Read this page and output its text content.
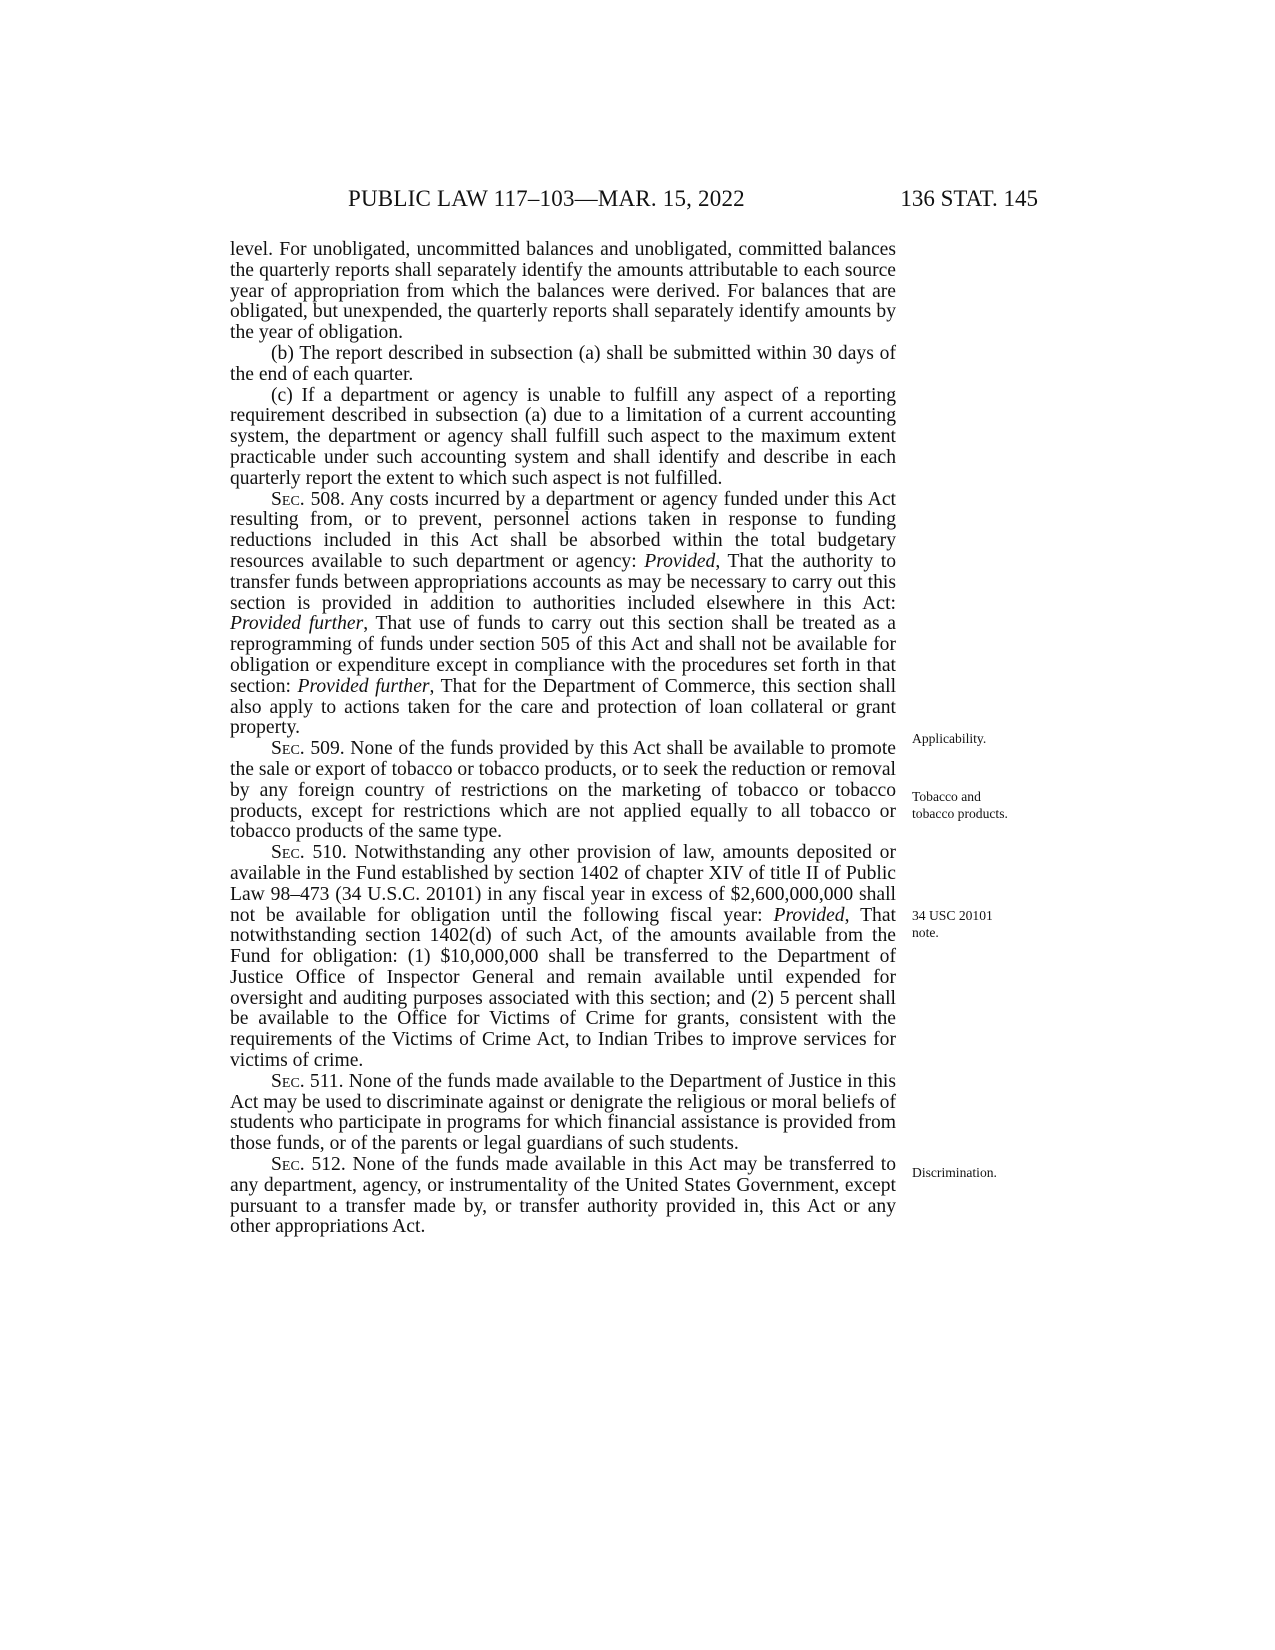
PUBLIC LAW 117–103—MAR. 15, 2022	136 STAT. 145

level. For unobligated, uncommitted balances and unobligated, committed balances the quarterly reports shall separately identify the amounts attributable to each source year of appropriation from which the balances were derived. For balances that are obligated, but unexpended, the quarterly reports shall separately identify amounts by the year of obligation.

(b) The report described in subsection (a) shall be submitted within 30 days of the end of each quarter.

(c) If a department or agency is unable to fulfill any aspect of a reporting requirement described in subsection (a) due to a limitation of a current accounting system, the department or agency shall fulfill such aspect to the maximum extent practicable under such accounting system and shall identify and describe in each quarterly report the extent to which such aspect is not fulfilled.

Sec. 508. Any costs incurred by a department or agency funded under this Act resulting from, or to prevent, personnel actions taken in response to funding reductions included in this Act shall be absorbed within the total budgetary resources available to such department or agency: Provided, That the authority to transfer funds between appropriations accounts as may be necessary to carry out this section is provided in addition to authorities included elsewhere in this Act: Provided further, That use of funds to carry out this section shall be treated as a reprogramming of funds under section 505 of this Act and shall not be available for obligation or expenditure except in compliance with the procedures set forth in that section: Provided further, That for the Department of Commerce, this section shall also apply to actions taken for the care and protection of loan collateral or grant property.

Sec. 509. None of the funds provided by this Act shall be available to promote the sale or export of tobacco or tobacco products, or to seek the reduction or removal by any foreign country of restrictions on the marketing of tobacco or tobacco products, except for restrictions which are not applied equally to all tobacco or tobacco products of the same type.

Sec. 510. Notwithstanding any other provision of law, amounts deposited or available in the Fund established by section 1402 of chapter XIV of title II of Public Law 98–473 (34 U.S.C. 20101) in any fiscal year in excess of $2,600,000,000 shall not be available for obligation until the following fiscal year: Provided, That notwithstanding section 1402(d) of such Act, of the amounts available from the Fund for obligation: (1) $10,000,000 shall be transferred to the Department of Justice Office of Inspector General and remain available until expended for oversight and auditing purposes associated with this section; and (2) 5 percent shall be available to the Office for Victims of Crime for grants, consistent with the requirements of the Victims of Crime Act, to Indian Tribes to improve services for victims of crime.

Sec. 511. None of the funds made available to the Department of Justice in this Act may be used to discriminate against or denigrate the religious or moral beliefs of students who participate in programs for which financial assistance is provided from those funds, or of the parents or legal guardians of such students.

Sec. 512. None of the funds made available in this Act may be transferred to any department, agency, or instrumentality of the United States Government, except pursuant to a transfer made by, or transfer authority provided in, this Act or any other appropriations Act.

Applicability.
Tobacco and
tobacco products.
34 USC 20101
note.
Discrimination.
